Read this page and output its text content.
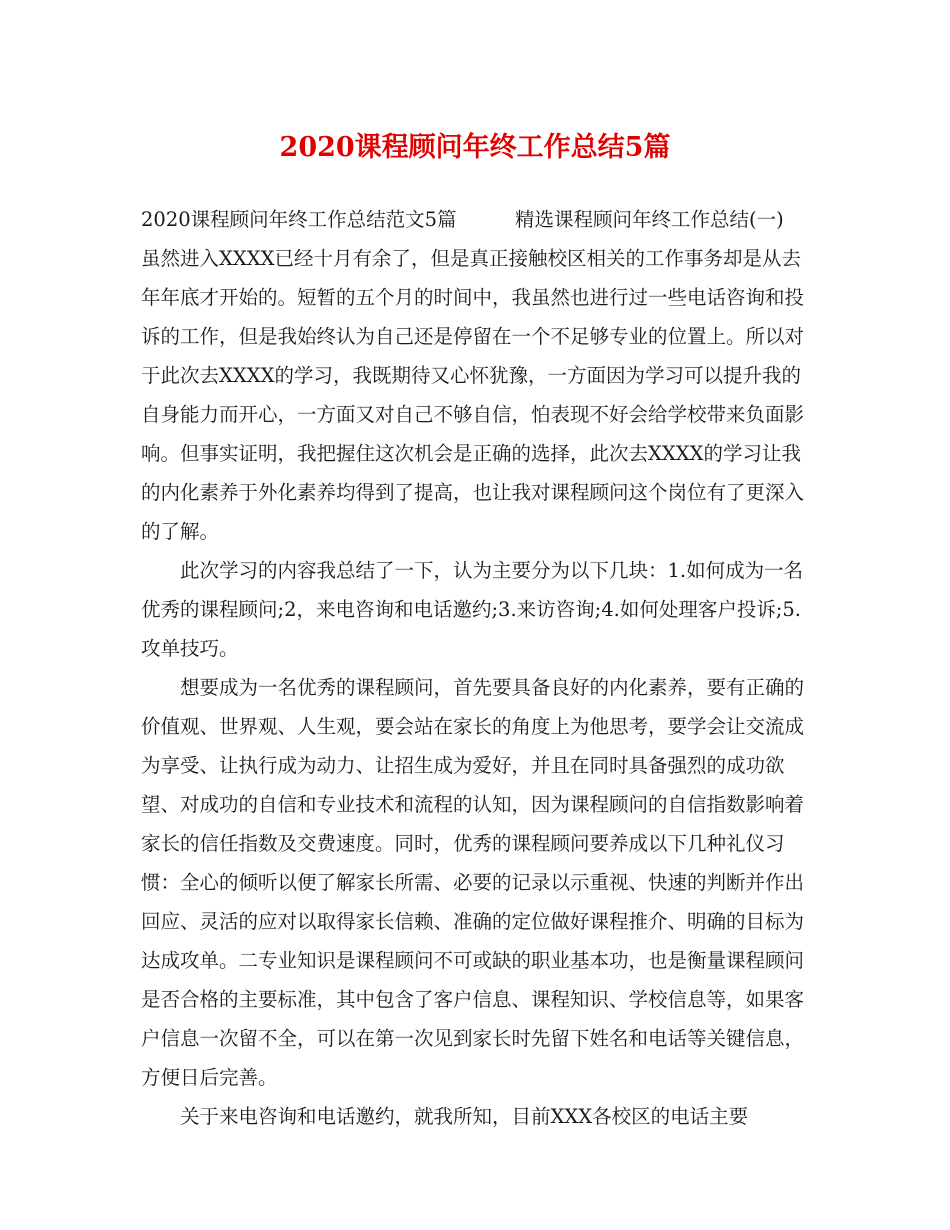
2020课程顾问年终工作总结5篇

2020课程顾问年终工作总结范文5篇　　　精选课程顾问年终工作总结(一)　　　虽然进入XXXX已经十月有余了，但是真正接触校区相关的工作事务却是从去年年底才开始的。短暂的五个月的时间中，我虽然也进行过一些电话咨询和投诉的工作，但是我始终认为自己还是停留在一个不足够专业的位置上。所以对于此次去XXXX的学习，我既期待又心怀犹豫，一方面因为学习可以提升我的自身能力而开心，一方面又对自己不够自信，怕表现不好会给学校带来负面影响。但事实证明，我把握住这次机会是正确的选择，此次去XXXX的学习让我的内化素养于外化素养均得到了提高，也让我对课程顾问这个岗位有了更深入的了解。

此次学习的内容我总结了一下，认为主要分为以下几块：1.如何成为一名优秀的课程顾问;2，来电咨询和电话邀约;3.来访咨询;4.如何处理客户投诉;5.攻单技巧。

想要成为一名优秀的课程顾问，首先要具备良好的内化素养，要有正确的价值观、世界观、人生观，要会站在家长的角度上为他思考，要学会让交流成为享受、让执行成为动力、让招生成为爱好，并且在同时具备强烈的成功欲望、对成功的自信和专业技术和流程的认知，因为课程顾问的自信指数影响着家长的信任指数及交费速度。同时，优秀的课程顾问要养成以下几种礼仪习惯：全心的倾听以便了解家长所需、必要的记录以示重视、快速的判断并作出回应、灵活的应对以取得家长信赖、准确的定位做好课程推介、明确的目标为达成攻单。二专业知识是课程顾问不可或缺的职业基本功，也是衡量课程顾问是否合格的主要标准，其中包含了客户信息、课程知识、学校信息等，如果客户信息一次留不全，可以在第一次见到家长时先留下姓名和电话等关键信息，方便日后完善。

关于来电咨询和电话邀约，就我所知，目前XXX各校区的电话主要
